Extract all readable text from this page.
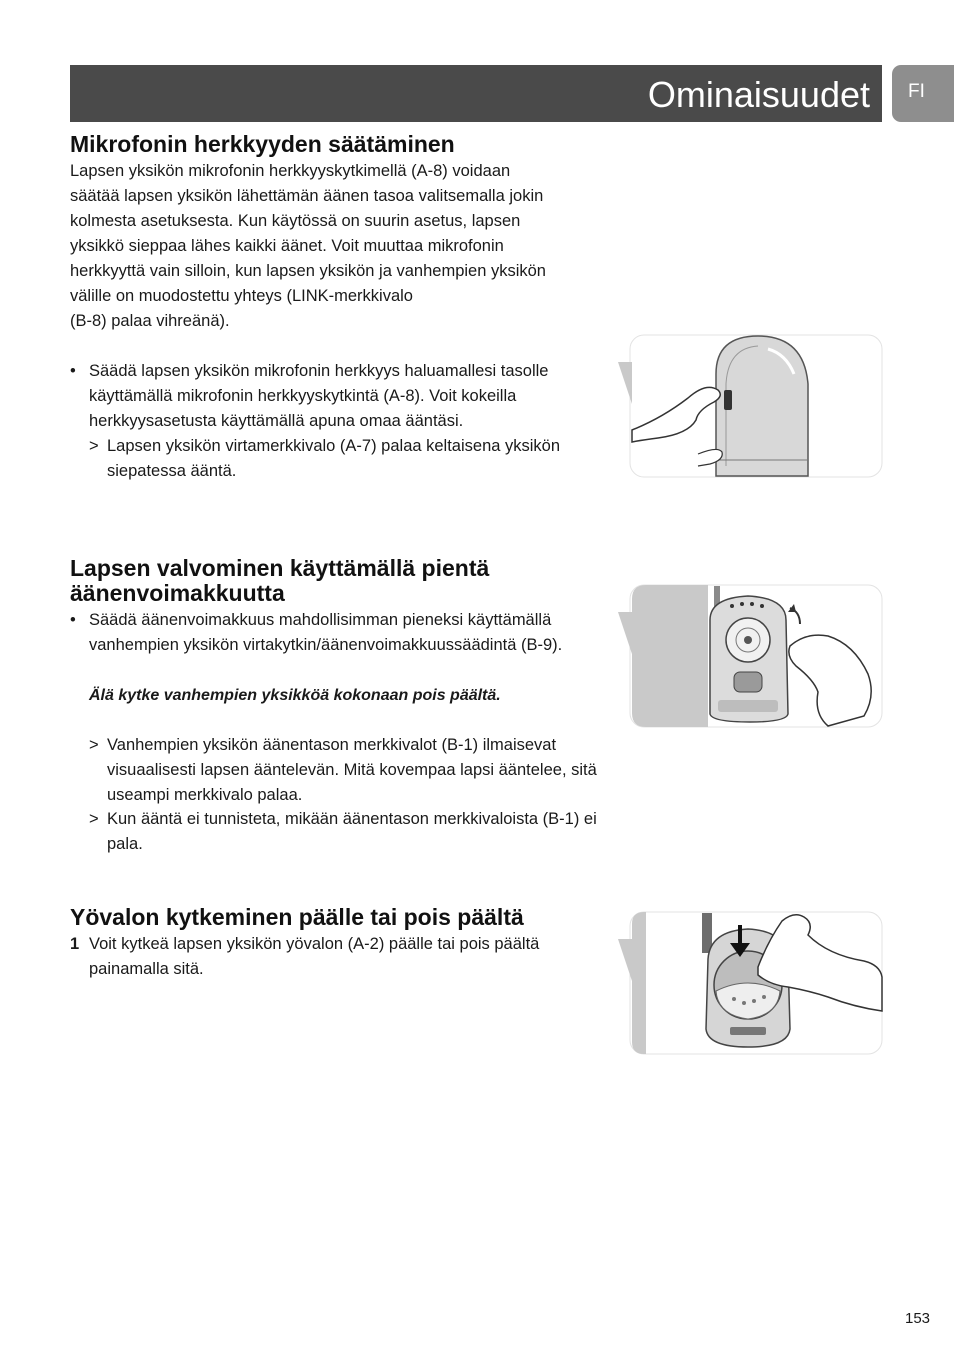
Ominaisuudet FI
Mikrofonin herkkyyden säätäminen
Lapsen yksikön mikrofonin herkkyyskytkimellä (A-8) voidaan
säätää lapsen yksikön lähettämän äänen tasoa valitsemalla jokin
kolmesta asetuksesta. Kun käytössä on suurin asetus, lapsen
yksikkö sieppaa lähes kaikki äänet. Voit muuttaa mikrofonin
herkkyyttä vain silloin, kun lapsen yksikön ja vanhempien yksikön
välille on muodostettu yhteys (LINK-merkkivalo
(B-8) palaa vihreänä).
• Säädä lapsen yksikön mikrofonin herkkyys haluamallesi tasolle käyttämällä mikrofonin herkkyyskytkintä (A-8). Voit kokeilla herkkyysasetusta käyttämällä apuna omaa ääntäsi.
> Lapsen yksikön virtamerkkivalo (A-7) palaa keltaisena yksikön siepatessa ääntä.
Lapsen valvominen käyttämällä pientä
äänenvoimakkuutta
• Säädä äänenvoimakkuus mahdollisimman pieneksi käyttämällä vanhempien yksikön virtakytkin/äänenvoimakkuussäädintä (B-9).
Älä kytke vanhempien yksikköä kokonaan pois päältä.
> Vanhempien yksikön äänentason merkkivalot (B-1) ilmaisevat visuaalisesti lapsen ääntelevän. Mitä kovempaa lapsi ääntelee, sitä useampi merkkivalo palaa.
> Kun ääntä ei tunnisteta, mikään äänentason merkkivaloista (B-1) ei pala.
Yövalon kytkeminen päälle tai pois päältä
1 Voit kytkeä lapsen yksikön yövalon (A-2) päälle tai pois päältä painamalla sitä.
153
